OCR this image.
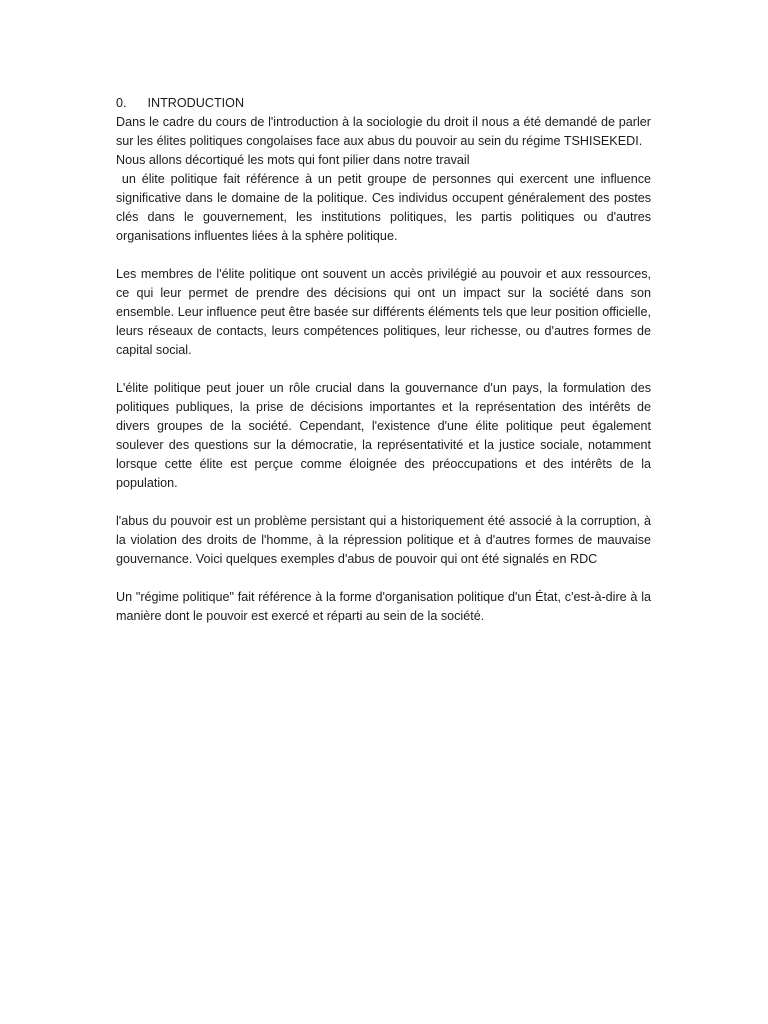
0. INTRODUCTION

Dans le cadre du cours de l'introduction à la sociologie du droit il nous a été demandé de parler sur les élites politiques congolaises face aux abus du pouvoir au sein du régime TSHISEKEDI.

Nous allons décortiqué les mots qui font pilier dans notre travail

un élite politique fait référence à un petit groupe de personnes qui exercent une influence significative dans le domaine de la politique. Ces individus occupent généralement des postes clés dans le gouvernement, les institutions politiques, les partis politiques ou d'autres organisations influentes liées à la sphère politique.

Les membres de l'élite politique ont souvent un accès privilégié au pouvoir et aux ressources, ce qui leur permet de prendre des décisions qui ont un impact sur la société dans son ensemble. Leur influence peut être basée sur différents éléments tels que leur position officielle, leurs réseaux de contacts, leurs compétences politiques, leur richesse, ou d'autres formes de capital social.

L'élite politique peut jouer un rôle crucial dans la gouvernance d'un pays, la formulation des politiques publiques, la prise de décisions importantes et la représentation des intérêts de divers groupes de la société. Cependant, l'existence d'une élite politique peut également soulever des questions sur la démocratie, la représentativité et la justice sociale, notamment lorsque cette élite est perçue comme éloignée des préoccupations et des intérêts de la population.

l'abus du pouvoir est un problème persistant qui a historiquement été associé à la corruption, à la violation des droits de l'homme, à la répression politique et à d'autres formes de mauvaise gouvernance. Voici quelques exemples d'abus de pouvoir qui ont été signalés en RDC

Un "régime politique" fait référence à la forme d'organisation politique d'un État, c'est-à-dire à la manière dont le pouvoir est exercé et réparti au sein de la société.
